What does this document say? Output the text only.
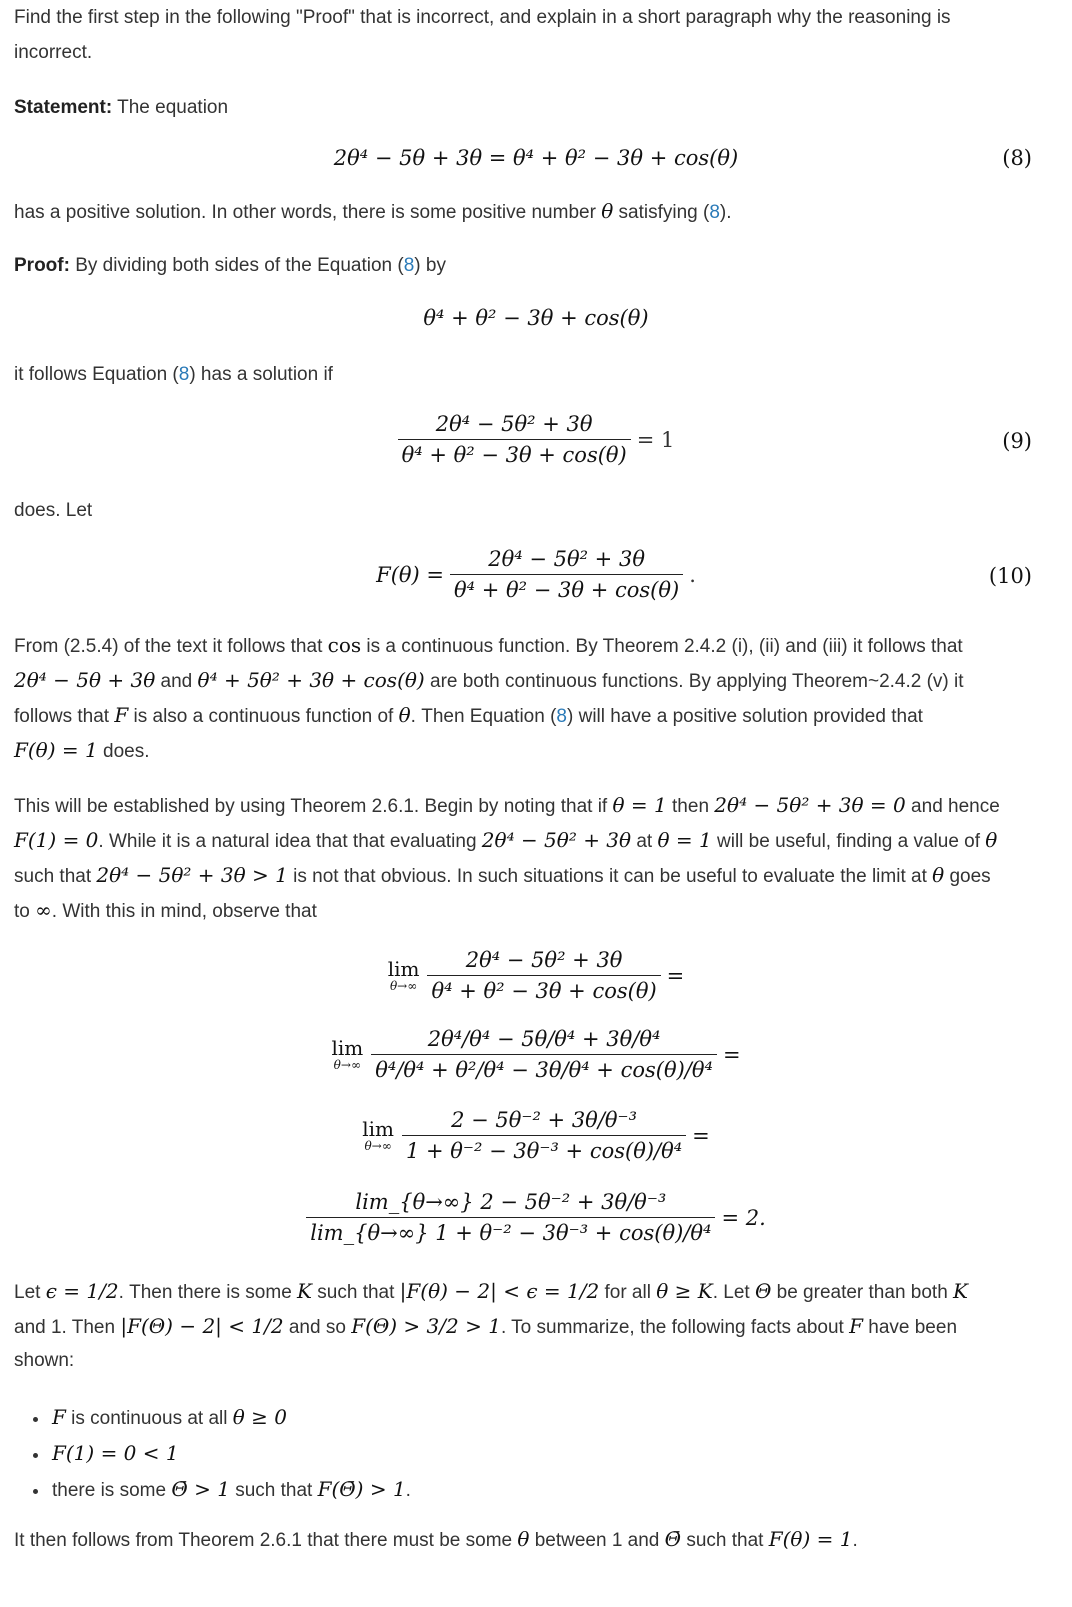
Find the first step in the following "Proof" that is incorrect, and explain in a short paragraph why the reasoning is
incorrect.
Statement: The equation
2θ⁴ − 5θ + 3θ = θ⁴ + θ² − 3θ + cos(θ)	(8)
has a positive solution. In other words, there is some positive number θ satisfying (8).
Proof: By dividing both sides of the Equation (8) by
θ⁴ + θ² − 3θ + cos(θ)
it follows Equation (8) has a solution if
$\frac{\text{2θ⁴ − 5θ² + 3θ}}{\text{θ⁴ + θ² − 3θ + cos(θ)}} = 1$	(9)
does. Let
$F(\theta) = \frac{\text{2θ⁴ − 5θ² + 3θ}}{\text{θ⁴ + θ² − 3θ + cos(θ)}}$ .	(10)
From (2.5.4) of the text it follows that cos is a continuous function. By Theorem 2.4.2 (i), (ii) and (iii) it follows that
2θ⁴ − 5θ + 3θ and θ⁴ + 5θ² + 3θ + cos(θ) are both continuous functions. By applying Theorem~2.4.2 (v) it
follows that F is also a continuous function of θ. Then Equation (8) will have a positive solution provided that
F(θ) = 1 does.
This will be established by using Theorem 2.6.1. Begin by noting that if θ = 1 then 2θ⁴ − 5θ² + 3θ = 0 and hence
F(1) = 0. While it is a natural idea that that evaluating 2θ⁴ − 5θ² + 3θ at θ = 1 will be useful, finding a value of θ
such that 2θ⁴ − 5θ² + 3θ > 1 is not that obvious. In such situations it can be useful to evaluate the limit at θ goes
to ∞. With this in mind, observe that
lim
$\theta\to\infty \frac{\text{2θ⁴ − 5θ² + 3θ}}{\text{θ⁴ + θ² − 3θ + cos(θ)}}$ =
lim
$\theta\to\infty \frac{\text{2θ⁴/θ⁴ − 5θ/θ⁴ + 3θ/θ⁴}}{\text{θ⁴/θ⁴ + θ²/θ⁴ − 3θ/θ⁴ + cos(θ)/θ⁴}}$ =
lim
$\theta\to\infty \frac{\text{2 − 5θ⁻² + 3θ/θ⁻³}}{\text{1 + θ⁻² − 3θ⁻³ + cos(θ)/θ⁴}}$ =
$\frac{\text{lim\_\{θ→∞\} 2 − 5θ⁻² + 3θ/θ⁻³}}{\text{lim\_\{θ→∞\} 1 + θ⁻² − 3θ⁻³ + cos(θ)/θ⁴}} = 2$.
Let ϵ = 1/2. Then there is some K such that |F(θ) − 2| < ϵ = 1/2 for all θ ≥ K. Let Θ be greater than both K
and 1. Then |F(Θ) − 2| < 1/2 and so F(Θ) > 3/2 > 1. To summarize, the following facts about F have been
shown:
• F is continuous at all θ ≥ 0
• F(1) = 0 < 1
• there is some Θ̄ > 1 such that F(Θ̄) > 1.
It then follows from Theorem 2.6.1 that there must be some θ between 1 and Θ̄ such that F(θ) = 1.
